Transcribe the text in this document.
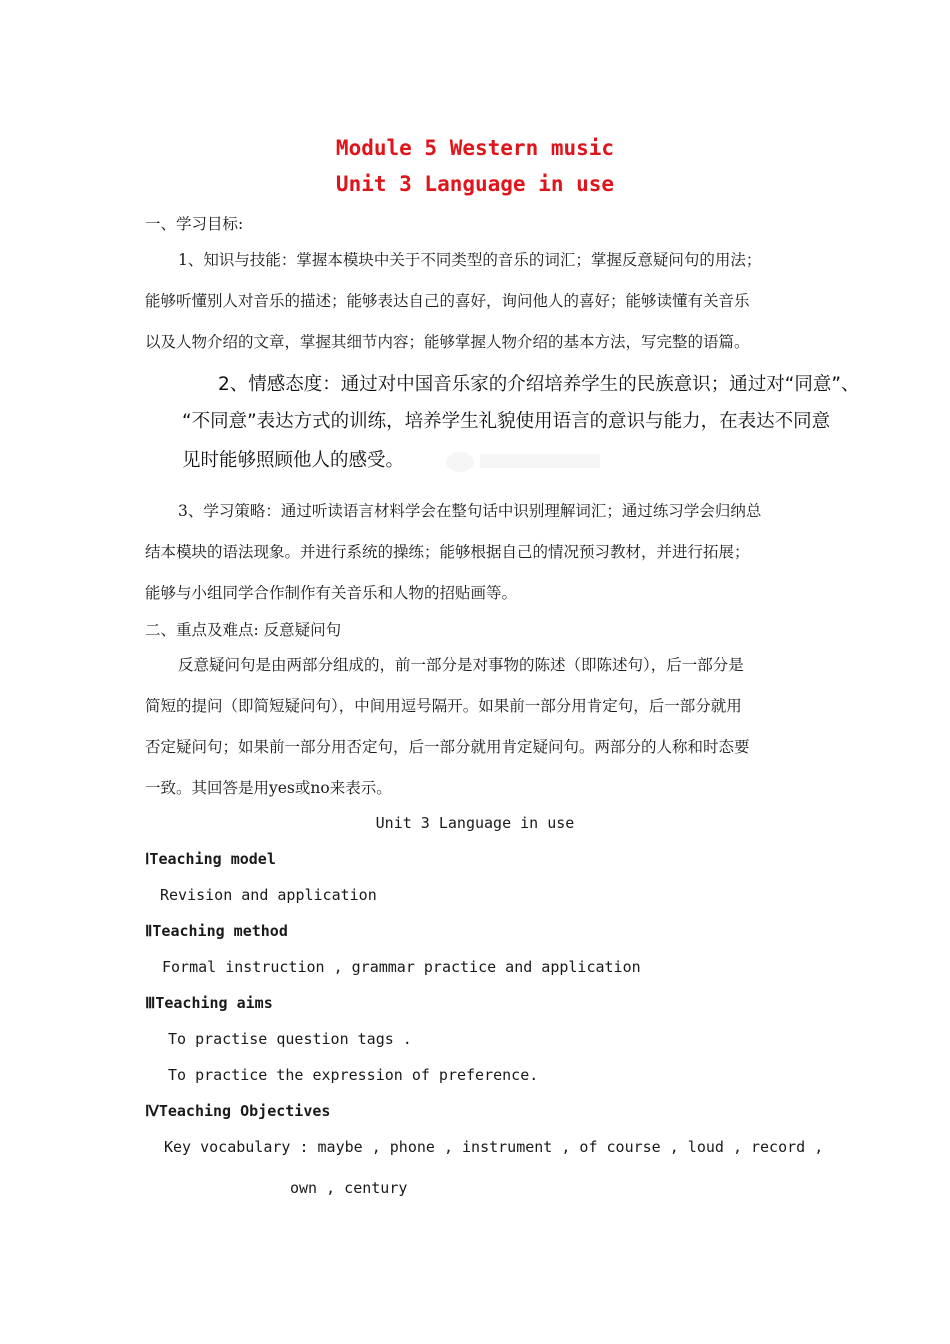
Module 5 Western music
Unit 3 Language in use
一、学习目标:
1、知识与技能：掌握本模块中关于不同类型的音乐的词汇；掌握反意疑问句的用法；
能够听懂别人对音乐的描述；能够表达自己的喜好，询问他人的喜好；能够读懂有关音乐
以及人物介绍的文章，掌握其细节内容；能够掌握人物介绍的基本方法，写完整的语篇。
2、情感态度：通过对中国音乐家的介绍培养学生的民族意识；通过对“同意”、
“不同意”表达方式的训练，培养学生礼貌使用语言的意识与能力，在表达不同意
见时能够照顾他人的感受。
3、学习策略：通过听读语言材料学会在整句话中识别理解词汇；通过练习学会归纳总
结本模块的语法现象。并进行系统的操练；能够根据自己的情况预习教材，并进行拓展；
能够与小组同学合作制作有关音乐和人物的招贴画等。
二、重点及难点: 反意疑问句
反意疑问句是由两部分组成的，前一部分是对事物的陈述（即陈述句），后一部分是
简短的提问（即简短疑问句），中间用逗号隔开。如果前一部分用肯定句，后一部分就用
否定疑问句；如果前一部分用否定句，后一部分就用肯定疑问句。两部分的人称和时态要
一致。其回答是用yes或no来表示。
Unit 3 Language in use
ⅠTeaching model
Revision and application
ⅡTeaching method
Formal instruction , grammar practice and application
ⅢTeaching aims
To practise question tags .
To practice the expression of preference.
ⅣTeaching Objectives
Key vocabulary : maybe , phone , instrument , of course , loud , record ,
own , century
